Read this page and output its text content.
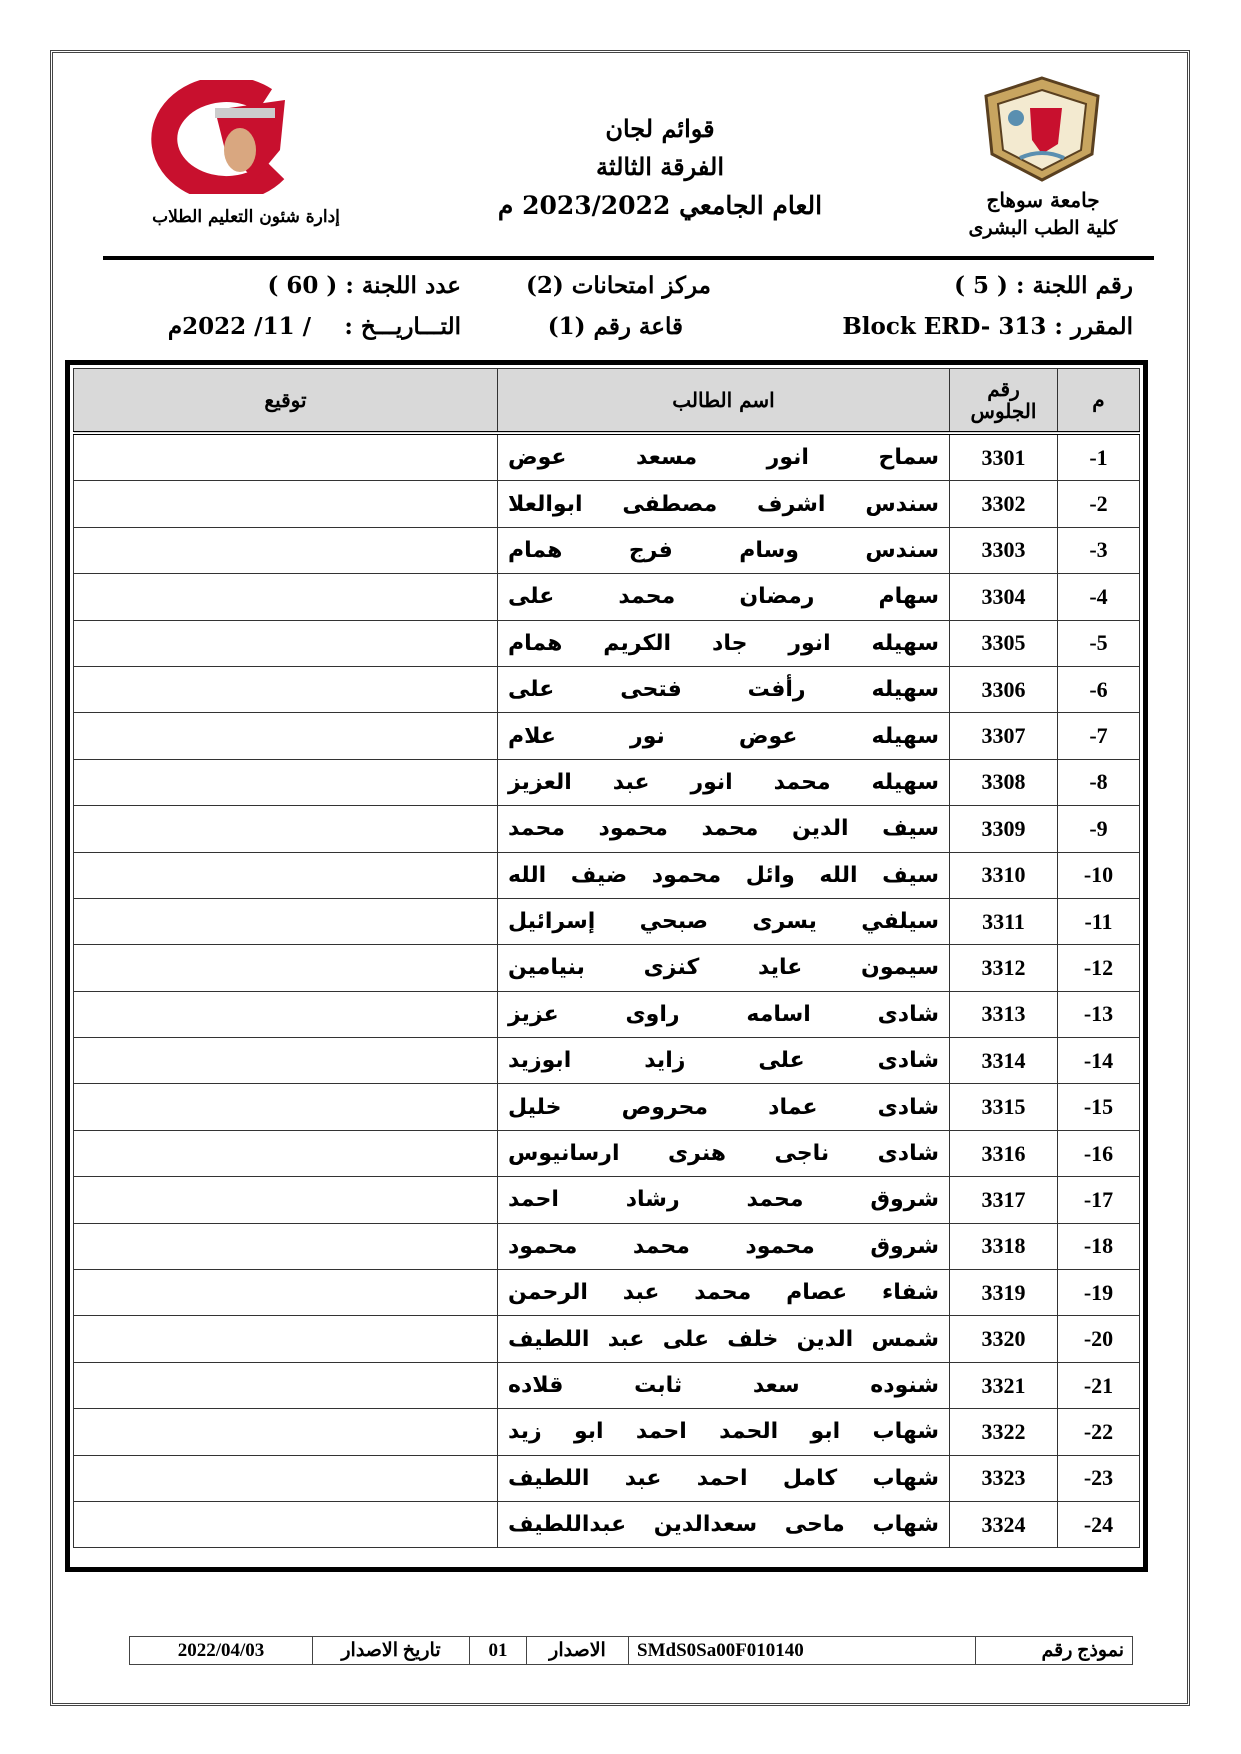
جامعة سوهاج
كلية الطب البشرى
قوائم لجان
الفرقة الثالثة
العام الجامعي 2023/2022 م
إدارة شئون التعليم الطلاب
رقم اللجنة : ( 5 )
مركز امتحانات (2)
عدد اللجنة : ( 60 )
المقرر : Block ERD- 313
قاعة رقم (1)
التـــاريـــخ :
/ 11/ 2022م
م	رقم الجلوس	اسم الطالب	توقيع
-1	3301	سماح انور مسعد عوض	
-2	3302	سندس اشرف مصطفى ابوالعلا	
-3	3303	سندس وسام فرج همام	
-4	3304	سهام رمضان محمد على	
-5	3305	سهيله انور جاد الكريم همام	
-6	3306	سهيله رأفت فتحى على	
-7	3307	سهيله عوض نور علام	
-8	3308	سهيله محمد انور عبد العزيز	
-9	3309	سيف الدين محمد محمود محمد	
-10	3310	سيف الله وائل محمود ضيف الله	
-11	3311	سيلفي يسرى صبحي إسرائيل	
-12	3312	سيمون عايد كنزى بنيامين	
-13	3313	شادى اسامه راوى عزيز	
-14	3314	شادى على زايد ابوزيد	
-15	3315	شادى عماد محروص خليل	
-16	3316	شادى ناجى هنرى ارسانيوس	
-17	3317	شروق محمد رشاد احمد	
-18	3318	شروق محمود محمد محمود	
-19	3319	شفاء عصام محمد عبد الرحمن	
-20	3320	شمس الدين خلف على عبد اللطيف	
-21	3321	شنوده سعد ثابت قلاده	
-22	3322	شهاب ابو الحمد احمد ابو زيد	
-23	3323	شهاب كامل احمد عبد اللطيف	
-24	3324	شهاب ماحى سعدالدين عبداللطيف	
نموذج رقم	SMdS0Sa00F010140	الاصدار	01	تاريخ الاصدار	2022/04/03
